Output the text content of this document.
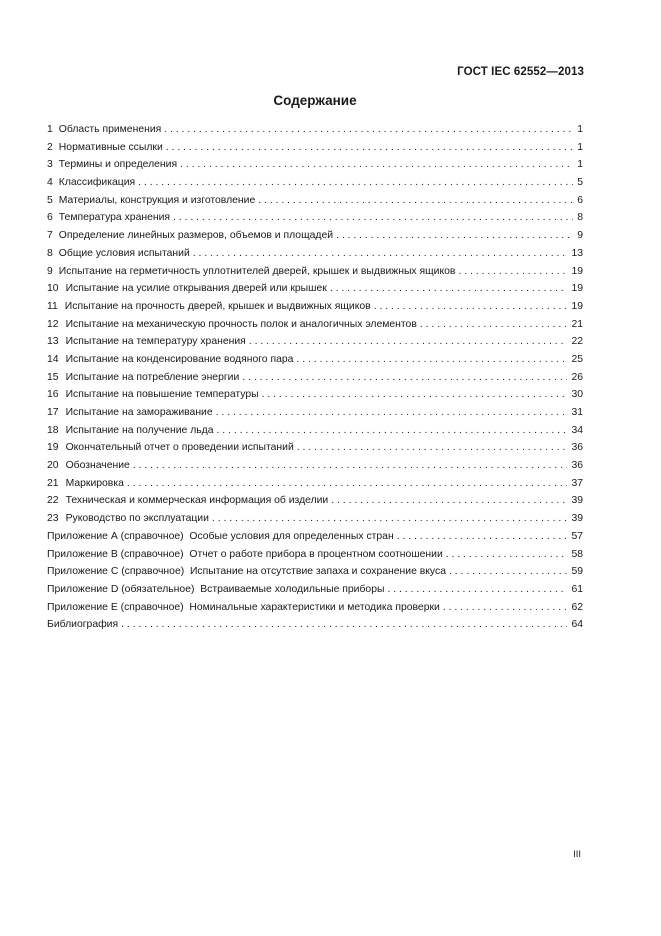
ГОСТ IEC 62552—2013
Содержание
1 Область применения . . .	1
2 Нормативные ссылки . . .	1
3 Термины и определения . . .	1
4 Классификация . . .	5
5 Материалы, конструкция и изготовление . . .	6
6 Температура хранения . . .	8
7 Определение линейных размеров, объемов и площадей . . .	9
8 Общие условия испытаний . . .	13
9 Испытание на герметичность уплотнителей дверей, крышек и выдвижных ящиков . . .	19
10 Испытание на усилие открывания дверей или крышек . . .	19
11 Испытание на прочность дверей, крышек и выдвижных ящиков . . .	19
12 Испытание на механическую прочность полок и аналогичных элементов . . .	21
13 Испытание на температуру хранения . . .	22
14 Испытание на конденсирование водяного пара . . .	25
15 Испытание на потребление энергии . . .	26
16 Испытание на повышение температуры . . .	30
17 Испытание на замораживание . . .	31
18 Испытание на получение льда . . .	34
19 Окончательный отчет о проведении испытаний . . .	36
20 Обозначение . . .	36
21 Маркировка . . .	37
22 Техническая и коммерческая информация об изделии . . .	39
23 Руководство по эксплуатации . . .	39
Приложение А (справочное)  Особые условия для определенных стран . . .	57
Приложение В (справочное)  Отчет о работе прибора в процентном соотношении . . .	58
Приложение С (справочное)  Испытание на отсутствие запаха и сохранение вкуса . . .	59
Приложение D (обязательное)  Встраиваемые холодильные приборы . . .	61
Приложение Е (справочное)  Номинальные характеристики и методика проверки . . .	62
Библиография . . .	64
III
